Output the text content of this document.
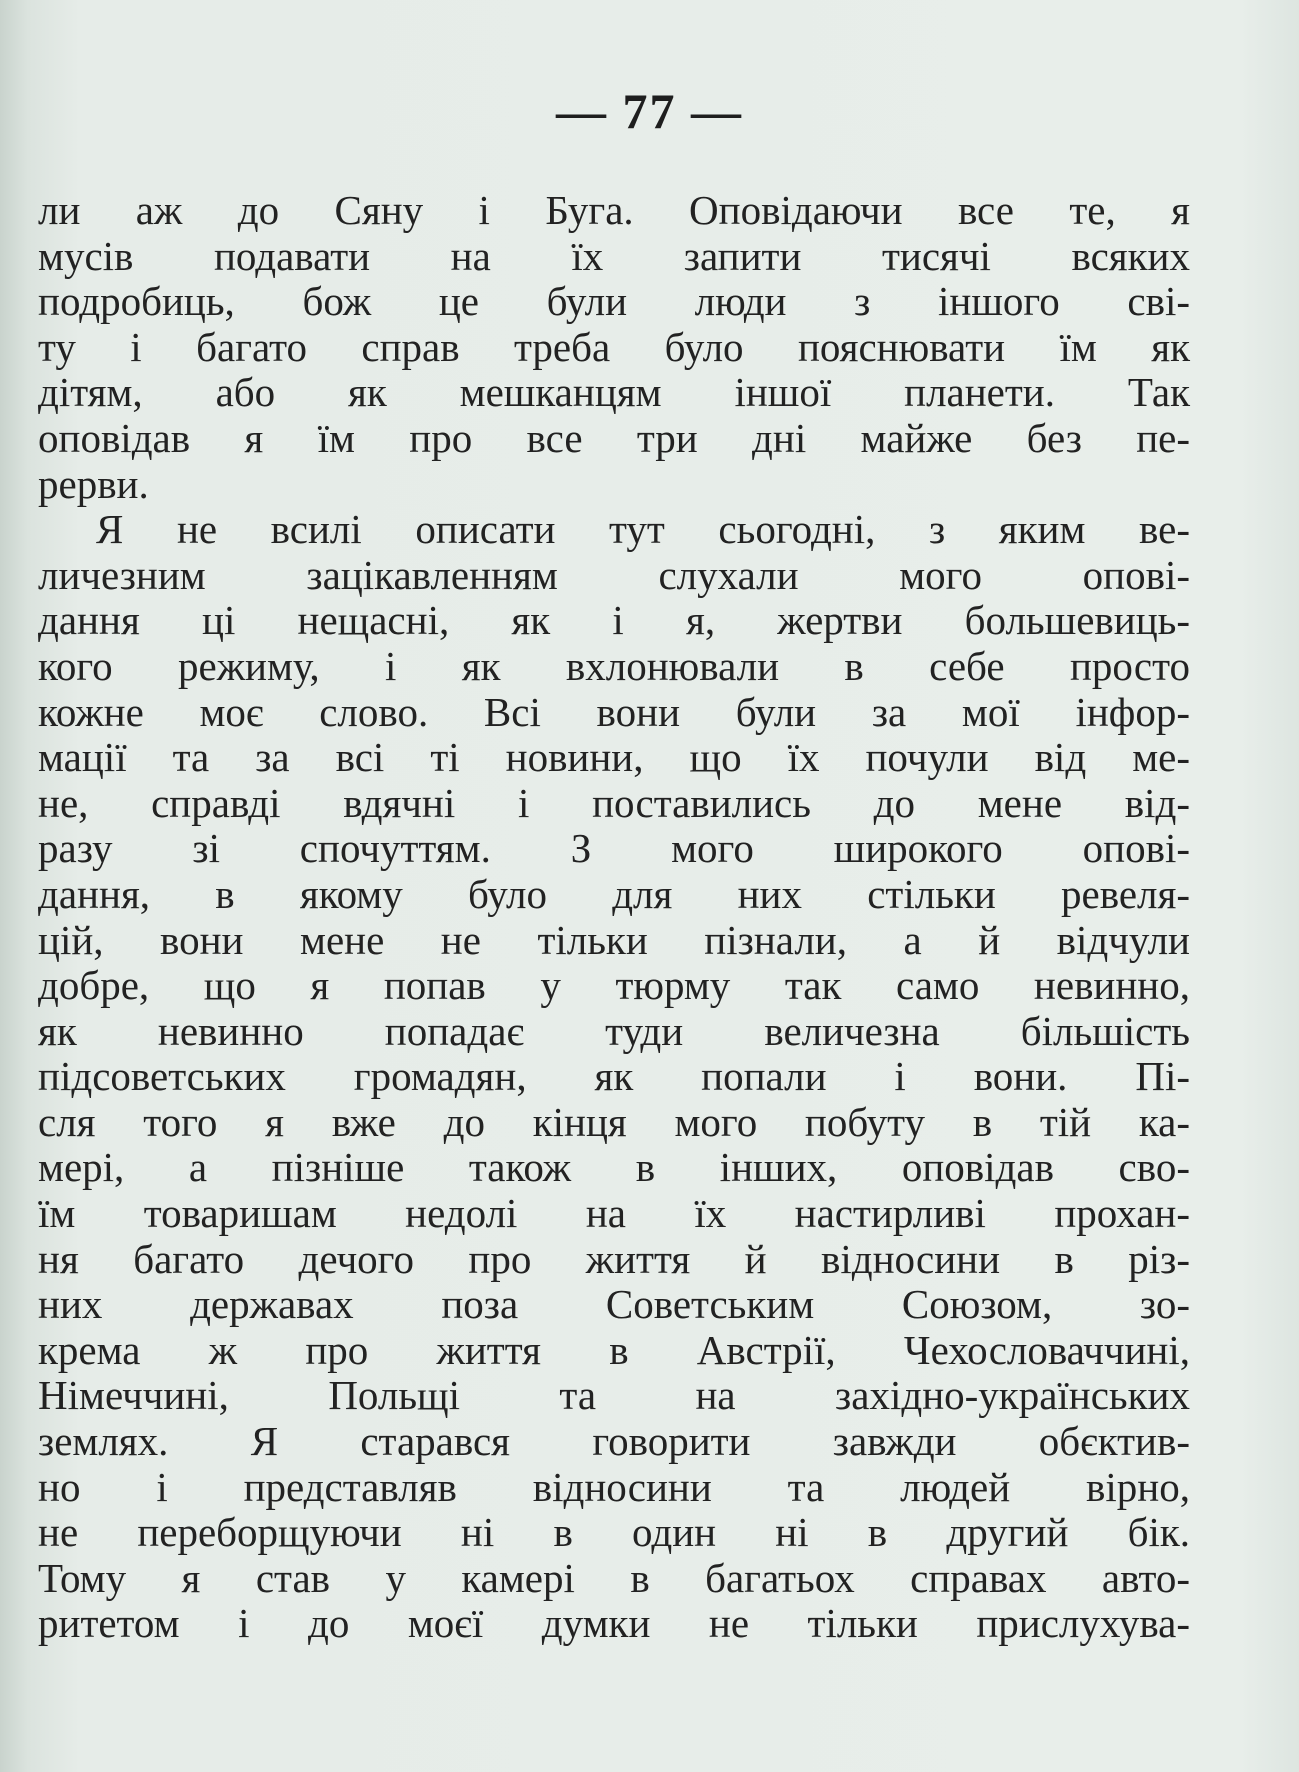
— 77 —
ли аж до Сяну і Буга. Оповідаючи все те, я
мусів подавати на їх запити тисячі всяких
подробиць, бож це були люди з іншого сві-
ту і багато справ треба було пояснювати їм як
дітям, або як мешканцям іншої планети. Так
оповідав я їм про все три дні майже без пе-
рерви.
Я не всилі описати тут сьогодні, з яким ве-
личезним зацікавленням слухали мого опові-
дання ці нещасні, як і я, жертви большевиць-
кого режиму, і як вхлонювали в себе просто
кожне моє слово. Всі вони були за мої інфор-
мації та за всі ті новини, що їх почули від ме-
не, справді вдячні і поставились до мене від-
разу зі спочуттям. З мого широкого опові-
дання, в якому було для них стільки ревеля-
цій, вони мене не тільки пізнали, а й відчули
добре, що я попав у тюрму так само невинно,
як невинно попадає туди величезна більшість
підсоветських громадян, як попали і вони. Пі-
сля того я вже до кінця мого побуту в тій ка-
мері, а пізніше також в інших, оповідав сво-
їм товаришам недолі на їх настирливі прохан-
ня багато дечого про життя й відносини в різ-
них державах поза Советським Союзом, зо-
крема ж про життя в Австрії, Чехословаччині,
Німеччині, Польщі та на західно-українських
землях. Я старався говорити завжди обєктив-
но і представляв відносини та людей вірно,
не переборщуючи ні в один ні в другий бік.
Тому я став у камері в багатьох справах авто-
ритетом і до моєї думки не тільки прислухува-
